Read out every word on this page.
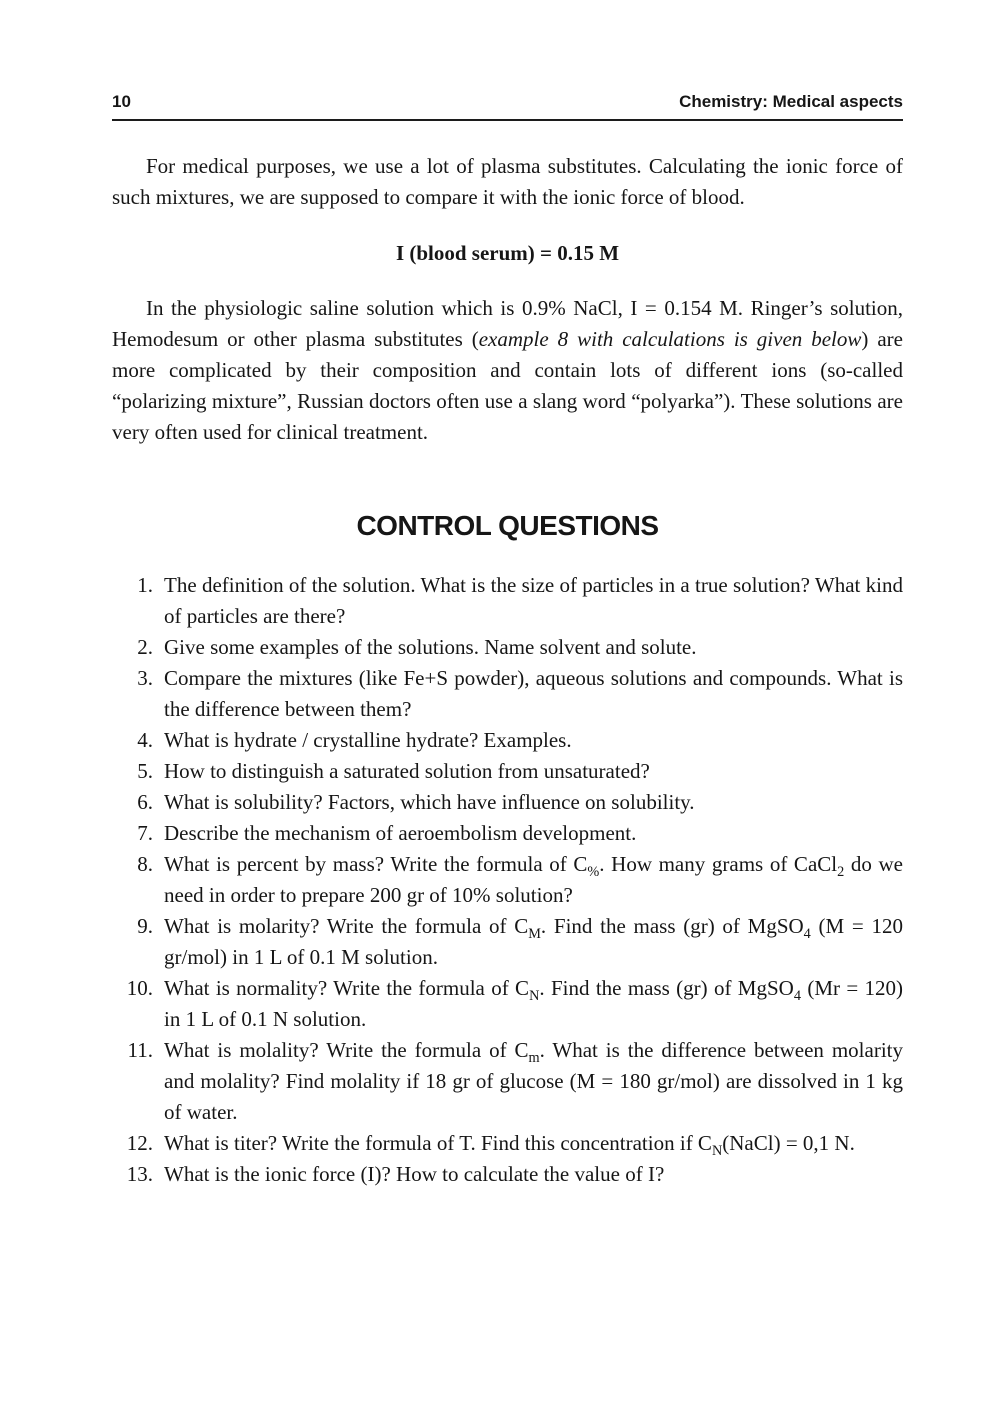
10	Chemistry: Medical aspects

For medical purposes, we use a lot of plasma substitutes. Calculating the ionic force of such mixtures, we are supposed to compare it with the ionic force of blood.

I (blood serum) = 0.15 M

In the physiologic saline solution which is 0.9% NaCl, I = 0.154 M. Ringer’s solution, Hemodesum or other plasma substitutes (example 8 with calculations is given below) are more complicated by their composition and contain lots of different ions (so-called “polarizing mixture”, Russian doctors often use a slang word “polyarka”). These solutions are very often used for clinical treatment.

CONTROL QUESTIONS
1. The definition of the solution. What is the size of particles in a true solution? What kind of particles are there?
2. Give some examples of the solutions. Name solvent and solute.
3. Compare the mixtures (like Fe+S powder), aqueous solutions and compounds. What is the difference between them?
4. What is hydrate / crystalline hydrate? Examples.
5. How to distinguish a saturated solution from unsaturated?
6. What is solubility? Factors, which have influence on solubility.
7. Describe the mechanism of aeroembolism development.
8. What is percent by mass? Write the formula of $C_{\%}$. How many grams of CaCl$_2$ do we need in order to prepare 200 gr of 10% solution?
9. What is molarity? Write the formula of $C_M$. Find the mass (gr) of MgSO$_4$ (M = 120 gr/mol) in 1 L of 0.1 M solution.
10. What is normality? Write the formula of $C_N$. Find the mass (gr) of MgSO$_4$ (Mr = 120) in 1 L of 0.1 N solution.
11. What is molality? Write the formula of $C_m$. What is the difference between molarity and molality? Find molality if 18 gr of glucose (M = 180 gr/mol) are dissolved in 1 kg of water.
12. What is titer? Write the formula of T. Find this concentration if $C_N(NaCl) = 0,1$ N.
13. What is the ionic force (I)? How to calculate the value of I?
